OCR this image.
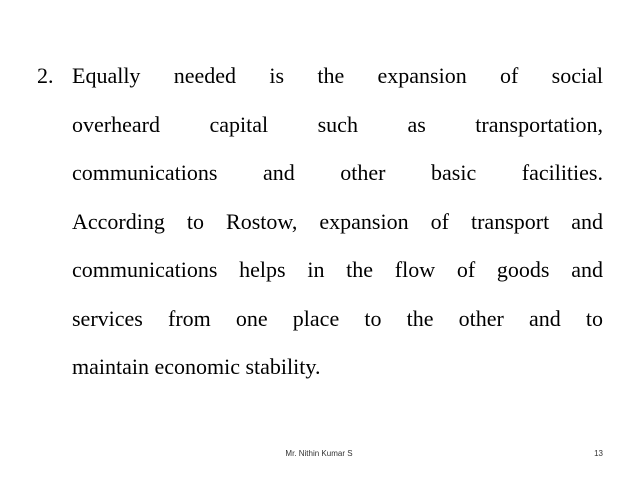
2. Equally needed is the expansion of social
overheard capital such as transportation,
communications and other basic facilities.
According to Rostow, expansion of transport and
communications helps in the flow of goods and
services from one place to the other and to
maintain economic stability.
Mr. Nithin Kumar S	13
